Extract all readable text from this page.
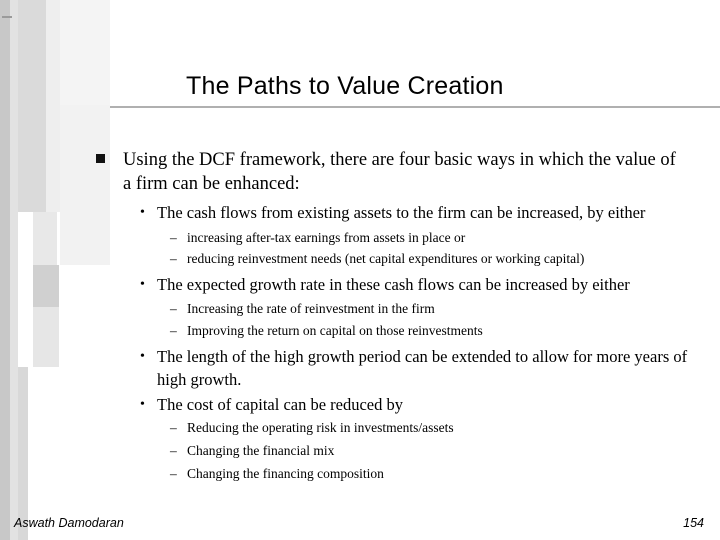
The Paths to Value Creation

Using the DCF framework, there are four basic ways in which the value of a firm can be enhanced:

• The cash flows from existing assets to the firm can be increased, by either
– increasing after-tax earnings from assets in place or
– reducing reinvestment needs (net capital expenditures or working capital)
• The expected growth rate in these cash flows can be increased by either
– Increasing the rate of reinvestment in the firm
– Improving the return on capital on those reinvestments
• The length of the high growth period can be extended to allow for more years of high growth.
• The cost of capital can be reduced by
– Reducing the operating risk in investments/assets
– Changing the financial mix
– Changing the financing composition
Aswath Damodaran	154
